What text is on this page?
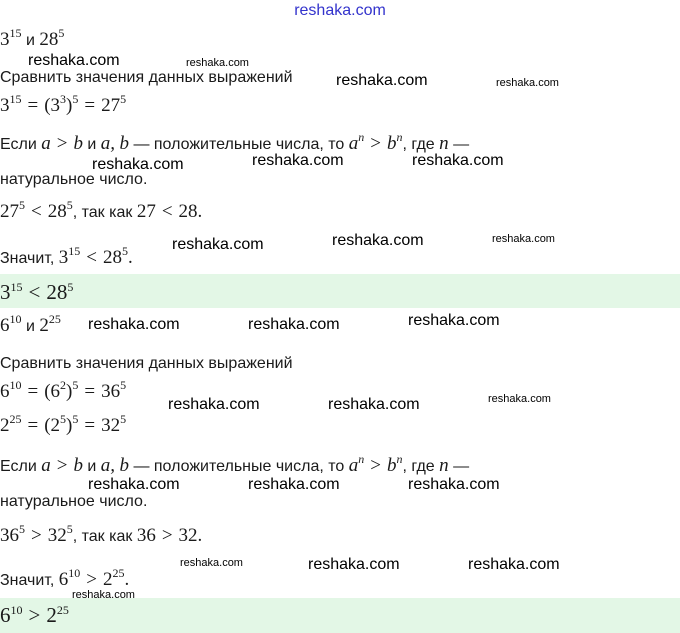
reshaka.com
$3^{15}$ и $28^5$
Сравнить значения данных выражений
$3^{15} = (3^3)^5 = 27^5$
Если a > b и a, b — положительные числа, то $a^n > b^n$, где n —
натуральное число.
$27^5 < 28^5$, так как 27 < 28.
Значит, $3^{15} < 28^5$.
$3^{15} < 28^5$
$6^{10}$ и $2^{25}$
Сравнить значения данных выражений
$6^{10} = (6^2)^5 = 36^5$
$2^{25} = (2^5)^5 = 32^5$
Если a > b и a, b — положительные числа, то $a^n > b^n$, где n —
натуральное число.
$36^5 > 32^5$, так как 36 > 32.
Значит, $6^{10} > 2^{25}$.
$6^{10} > 2^{25}$
reshaka.com	reshaka.com
reshaka.com	reshaka.com
reshaka.com	reshaka.com	reshaka.com
reshaka.com	reshaka.com	reshaka.com
reshaka.com	reshaka.com	reshaka.com
reshaka.com	reshaka.com	reshaka.com
reshaka.com	reshaka.com	reshaka.com
reshaka.com	reshaka.com	reshaka.com
reshaka.com
